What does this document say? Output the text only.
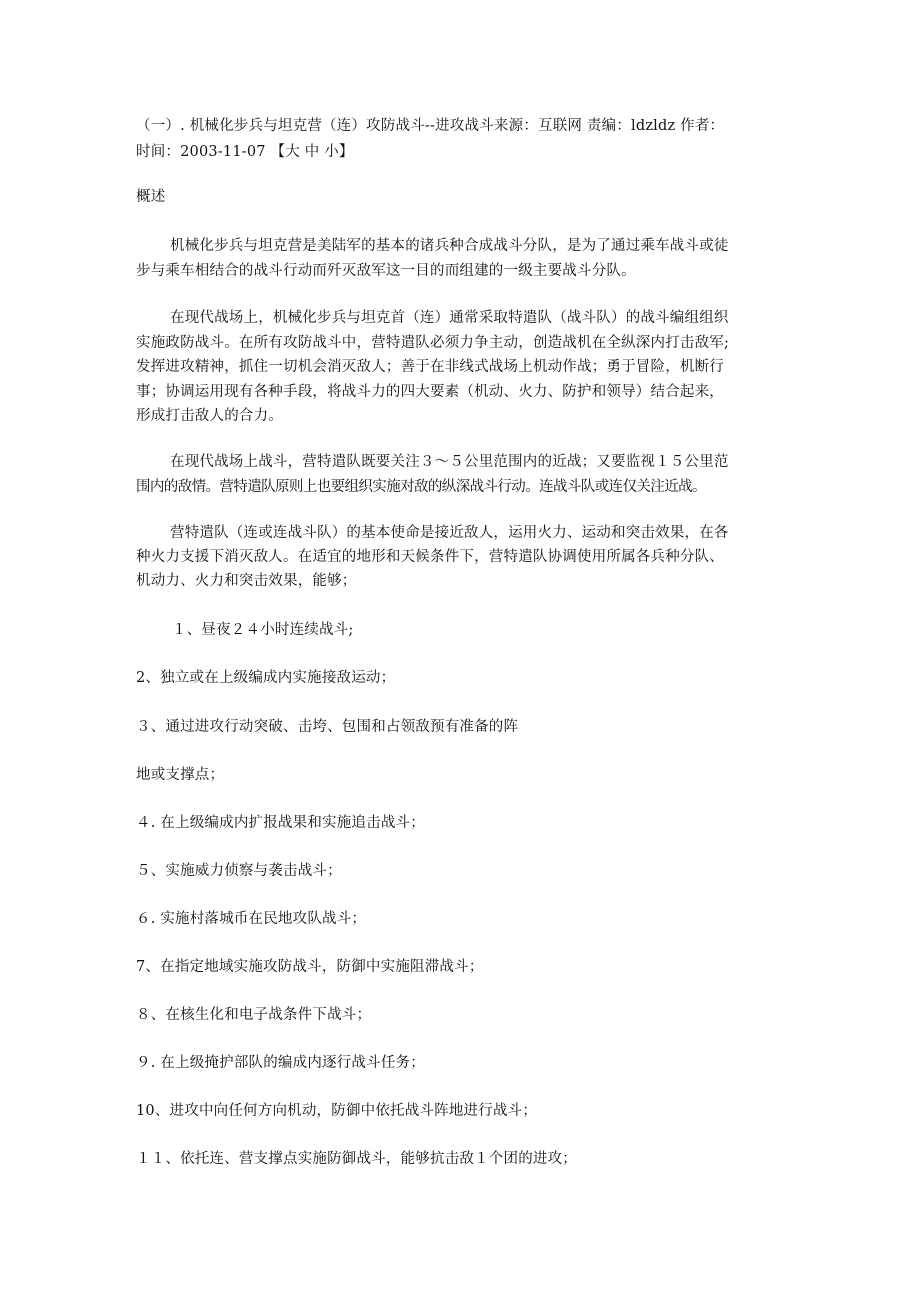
（一）. 机械化步兵与坦克营（连）攻防战斗--进攻战斗来源：互联网 责编：ldzldz 作者：
时间：2003-11-07 【大 中 小】
概述
机械化步兵与坦克营是美陆军的基本的诸兵种合成战斗分队，是为了通过乘车战斗或徒
步与乘车相结合的战斗行动而歼灭敌军这一目的而组建的一级主要战斗分队。
在现代战场上，机械化步兵与坦克首（连）通常采取特遣队（战斗队）的战斗编组组织
实施政防战斗。在所有攻防战斗中，营特遣队必须力争主动，创造战机在全纵深内打击敌军;
发挥进攻精神，抓住一切机会消灭敌人；善于在非线式战场上机动作战；勇于冒险，机断行
事；协调运用现有各种手段，将战斗力的四大要素（机动、火力、防护和领导）结合起来，
形成打击敌人的合力。
在现代战场上战斗，营特遣队既要关注３～５公里范围内的近战；又要监视１５公里范
围内的敌情。营特遣队原则上也要组织实施对敌的纵深战斗行动。连战斗队或连仅关注近战。
营特遣队（连或连战斗队）的基本使命是接近敌人，运用火力、运动和突击效果，在各
种火力支援下消灭敌人。在适宜的地形和天候条件下，营特遣队协调使用所属各兵种分队、
机动力、火力和突击效果，能够；
１、昼夜２４小时连续战斗;
2、独立或在上级编成内实施接敌运动；
３、通过进攻行动突破、击垮、包围和占领敌预有准备的阵
地或支撑点；
４. 在上级编成内扩报战果和实施追击战斗；
５、实施威力侦察与袭击战斗；
６. 实施村落城币在民地攻队战斗；
7、在指定地域实施攻防战斗，防御中实施阻滞战斗；
８、在核生化和电子战条件下战斗；
９. 在上级掩护部队的编成内逐行战斗任务；
10、进攻中向任何方向机动，防御中依托战斗阵地进行战斗；
１１、依托连、营支撑点实施防御战斗，能够抗击敌１个团的进攻；
